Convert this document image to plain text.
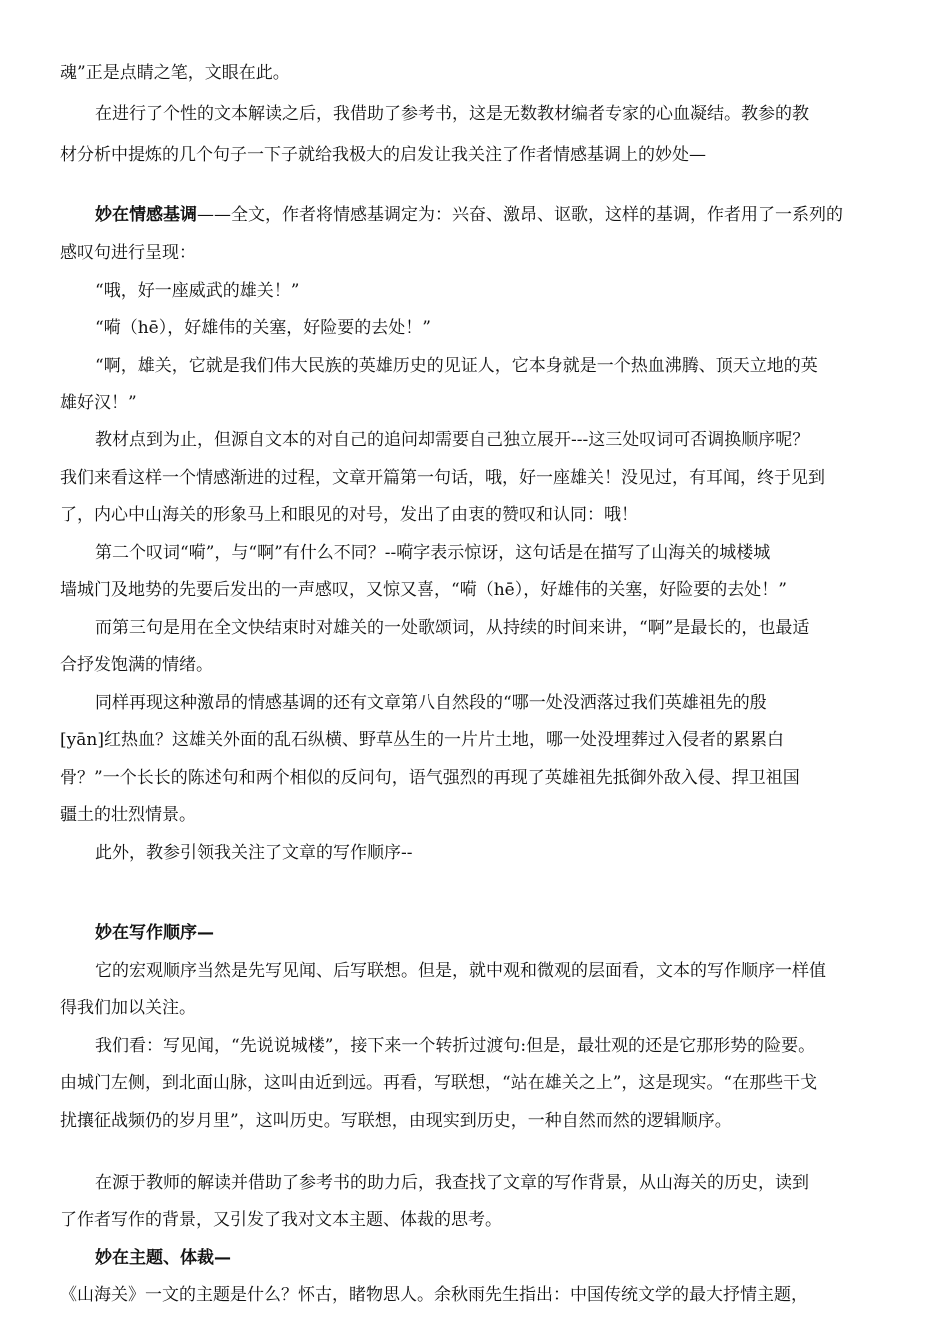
魂”正是点睛之笔，文眼在此。
在进行了个性的文本解读之后，我借助了参考书，这是无数教材编者专家的心血凝结。教参的教
材分析中提炼的几个句子一下子就给我极大的启发让我关注了作者情感基调上的妙处—
妙在情感基调——全文，作者将情感基调定为：兴奋、激昂、讴歌，这样的基调，作者用了一系列的
感叹句进行呈现：
“哦，好一座威武的雄关！”
“嗬（hē），好雄伟的关塞，好险要的去处！”
“啊，雄关，它就是我们伟大民族的英雄历史的见证人，它本身就是一个热血沸腾、顶天立地的英
雄好汉！”
教材点到为止，但源自文本的对自己的追问却需要自己独立展开---这三处叹词可否调换顺序呢？
我们来看这样一个情感渐进的过程，文章开篇第一句话，哦，好一座雄关！没见过，有耳闻，终于见到
了，内心中山海关的形象马上和眼见的对号，发出了由衷的赞叹和认同：哦！
第二个叹词“嗬”，与“啊”有什么不同？--嗬字表示惊讶，这句话是在描写了山海关的城楼城
墙城门及地势的先要后发出的一声感叹，又惊又喜，“嗬（hē），好雄伟的关塞，好险要的去处！”
而第三句是用在全文快结束时对雄关的一处歌颂词，从持续的时间来讲，“啊”是最长的，也最适
合抒发饱满的情绪。
同样再现这种激昂的情感基调的还有文章第八自然段的“哪一处没洒落过我们英雄祖先的殷
[yān]红热血？这雄关外面的乱石纵横、野草丛生的一片片土地，哪一处没埋葬过入侵者的累累白
骨？”一个长长的陈述句和两个相似的反问句，语气强烈的再现了英雄祖先抵御外敌入侵、捍卫祖国
疆土的壮烈情景。
此外，教参引领我关注了文章的写作顺序--
妙在写作顺序—
它的宏观顺序当然是先写见闻、后写联想。但是，就中观和微观的层面看，文本的写作顺序一样值
得我们加以关注。
我们看：写见闻，“先说说城楼”，接下来一个转折过渡句:但是，最壮观的还是它那形势的险要。
由城门左侧，到北面山脉，这叫由近到远。再看，写联想，“站在雄关之上”，这是现实。“在那些干戈
扰攘征战频仍的岁月里”，这叫历史。写联想，由现实到历史，一种自然而然的逻辑顺序。
在源于教师的解读并借助了参考书的助力后，我查找了文章的写作背景，从山海关的历史，读到
了作者写作的背景，又引发了我对文本主题、体裁的思考。
妙在主题、体裁—
《山海关》一文的主题是什么？怀古，睹物思人。余秋雨先生指出：中国传统文学的最大抒情主题，
